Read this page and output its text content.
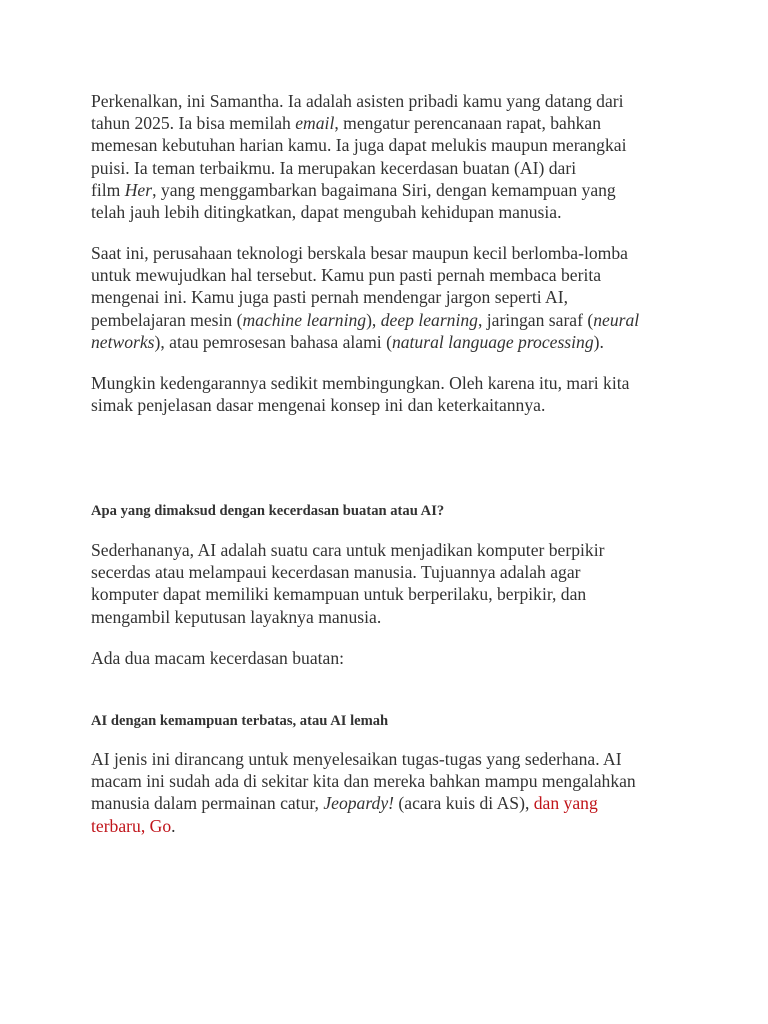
Perkenalkan, ini Samantha. Ia adalah asisten pribadi kamu yang datang dari
tahun 2025. Ia bisa memilah email, mengatur perencanaan rapat, bahkan
memesan kebutuhan harian kamu. Ia juga dapat melukis maupun merangkai
puisi. Ia teman terbaikmu. Ia merupakan kecerdasan buatan (AI) dari
film Her, yang menggambarkan bagaimana Siri, dengan kemampuan yang
telah jauh lebih ditingkatkan, dapat mengubah kehidupan manusia.

Saat ini, perusahaan teknologi berskala besar maupun kecil berlomba-lomba
untuk mewujudkan hal tersebut. Kamu pun pasti pernah membaca berita
mengenai ini. Kamu juga pasti pernah mendengar jargon seperti AI,
pembelajaran mesin (machine learning), deep learning, jaringan saraf (neural
networks), atau pemrosesan bahasa alami (natural language processing).

Mungkin kedengarannya sedikit membingungkan. Oleh karena itu, mari kita
simak penjelasan dasar mengenai konsep ini dan keterkaitannya.

Apa yang dimaksud dengan kecerdasan buatan atau AI?

Sederhananya, AI adalah suatu cara untuk menjadikan komputer berpikir
secerdas atau melampaui kecerdasan manusia. Tujuannya adalah agar
komputer dapat memiliki kemampuan untuk berperilaku, berpikir, dan
mengambil keputusan layaknya manusia.

Ada dua macam kecerdasan buatan:

AI dengan kemampuan terbatas, atau AI lemah

AI jenis ini dirancang untuk menyelesaikan tugas-tugas yang sederhana. AI
macam ini sudah ada di sekitar kita dan mereka bahkan mampu mengalahkan
manusia dalam permainan catur, Jeopardy! (acara kuis di AS), dan yang
terbaru, Go.
